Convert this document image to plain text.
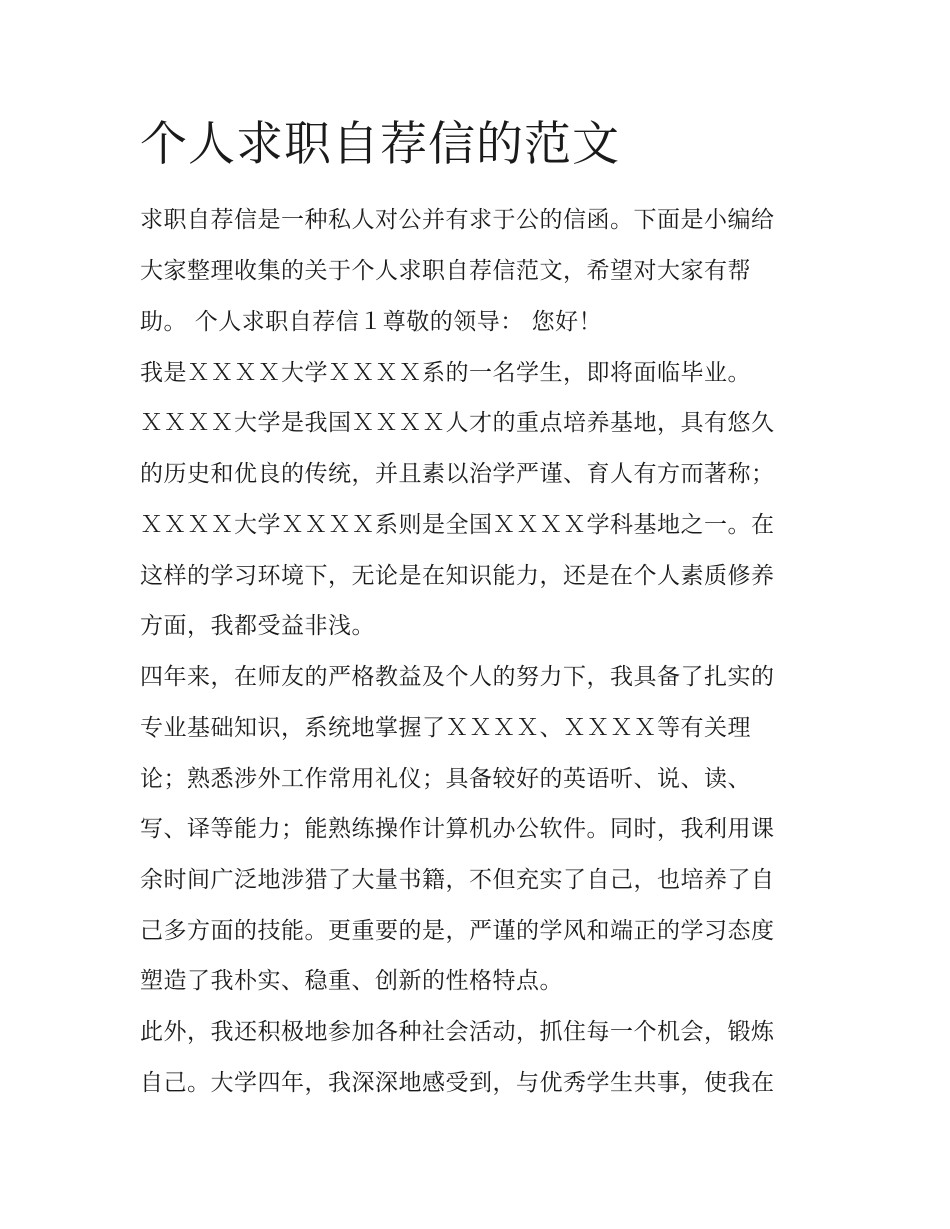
个人求职自荐信的范文

求职自荐信是一种私人对公并有求于公的信函。下面是小编给

大家整理收集的关于个人求职自荐信范文，希望对大家有帮

助。 个人求职自荐信１尊敬的领导： 您好！

我是ＸＸＸＸ大学ＸＸＸＸ系的一名学生，即将面临毕业。

ＸＸＸＸ大学是我国ＸＸＸＸ人才的重点培养基地，具有悠久

的历史和优良的传统，并且素以治学严谨、育人有方而著称；

ＸＸＸＸ大学ＸＸＸＸ系则是全国ＸＸＸＸ学科基地之一。在

这样的学习环境下，无论是在知识能力，还是在个人素质修养

方面，我都受益非浅。

四年来，在师友的严格教益及个人的努力下，我具备了扎实的

专业基础知识，系统地掌握了ＸＸＸＸ、ＸＸＸＸ等有关理

论；熟悉涉外工作常用礼仪；具备较好的英语听、说、读、

写、译等能力；能熟练操作计算机办公软件。同时，我利用课

余时间广泛地涉猎了大量书籍，不但充实了自己，也培养了自

己多方面的技能。更重要的是，严谨的学风和端正的学习态度

塑造了我朴实、稳重、创新的性格特点。

此外，我还积极地参加各种社会活动，抓住每一个机会，锻炼

自己。大学四年，我深深地感受到，与优秀学生共事，使我在
